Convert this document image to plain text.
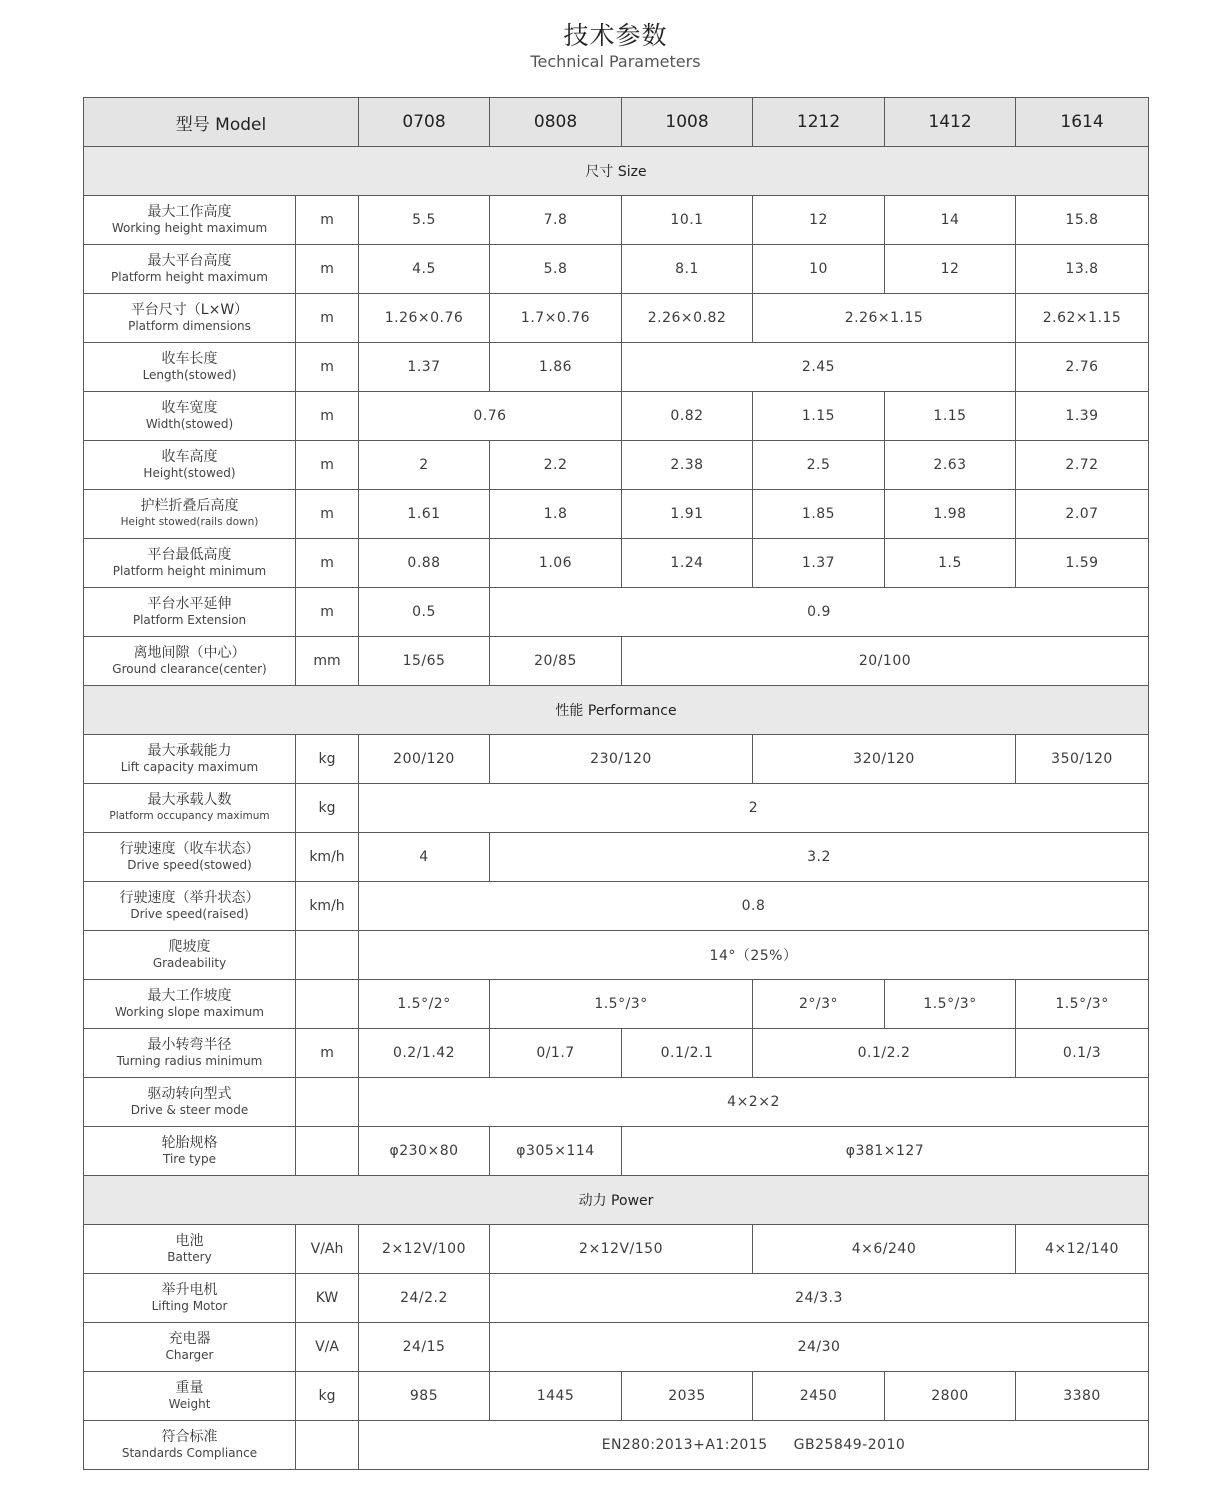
技术参数
Technical Parameters
型号 Model		0708	0808	1008	1212	1412	1614
尺寸 Size							

最大工作高度
Working height maximum	m	5.5	7.8	10.1	12	14	15.8

最大平台高度
Platform height maximum	m	4.5	5.8	8.1	10	12	13.8

平台尺寸（L×W）
Platform dimensions	m	1.26×0.76	1.7×0.76	2.26×0.82	2.26×1.15		2.62×1.15

收车长度
Length(stowed)	m	1.37	1.86	2.45			2.76

收车宽度
Width(stowed)	m	0.76		0.82	1.15	1.15	1.39

收车高度
Height(stowed)	m	2	2.2	2.38	2.5	2.63	2.72

护栏折叠后高度
Height stowed(rails down)	m	1.61	1.8	1.91	1.85	1.98	2.07

平台最低高度
Platform height minimum	m	0.88	1.06	1.24	1.37	1.5	1.59

平台水平延伸
Platform Extension	m	0.5	0.9				

离地间隙（中心）
Ground clearance(center)	mm	15/65	20/85	20/100			
性能 Performance							

最大承载能力
Lift capacity maximum	kg	200/120	230/120		320/120		350/120

最大承载人数
Platform occupancy maximum	kg	2					

行驶速度（收车状态）
Drive speed(stowed)	km/h	4	3.2				

行驶速度（举升状态）
Drive speed(raised)	km/h	0.8					

爬坡度
Gradeability		14°（25%）					

最大工作坡度
Working slope maximum		1.5°/2°	1.5°/3°		2°/3°	1.5°/3°	1.5°/3°

最小转弯半径
Turning radius minimum	m	0.2/1.42	0/1.7	0.1/2.1	0.1/2.2		0.1/3

驱动转向型式
Drive & steer mode		4×2×2					

轮胎规格
Tire type		φ230×80	φ305×114	φ381×127			
动力 Power							

电池
Battery	V/Ah	2×12V/100	2×12V/150		4×6/240		4×12/140

举升电机
Lifting Motor	KW	24/2.2	24/3.3				

充电器
Charger	V/A	24/15	24/30				

重量
Weight	kg	985	1445	2035	2450	2800	3380

符合标准
Standards Compliance		EN280:2013+A1:2015 GB25849-2010					
